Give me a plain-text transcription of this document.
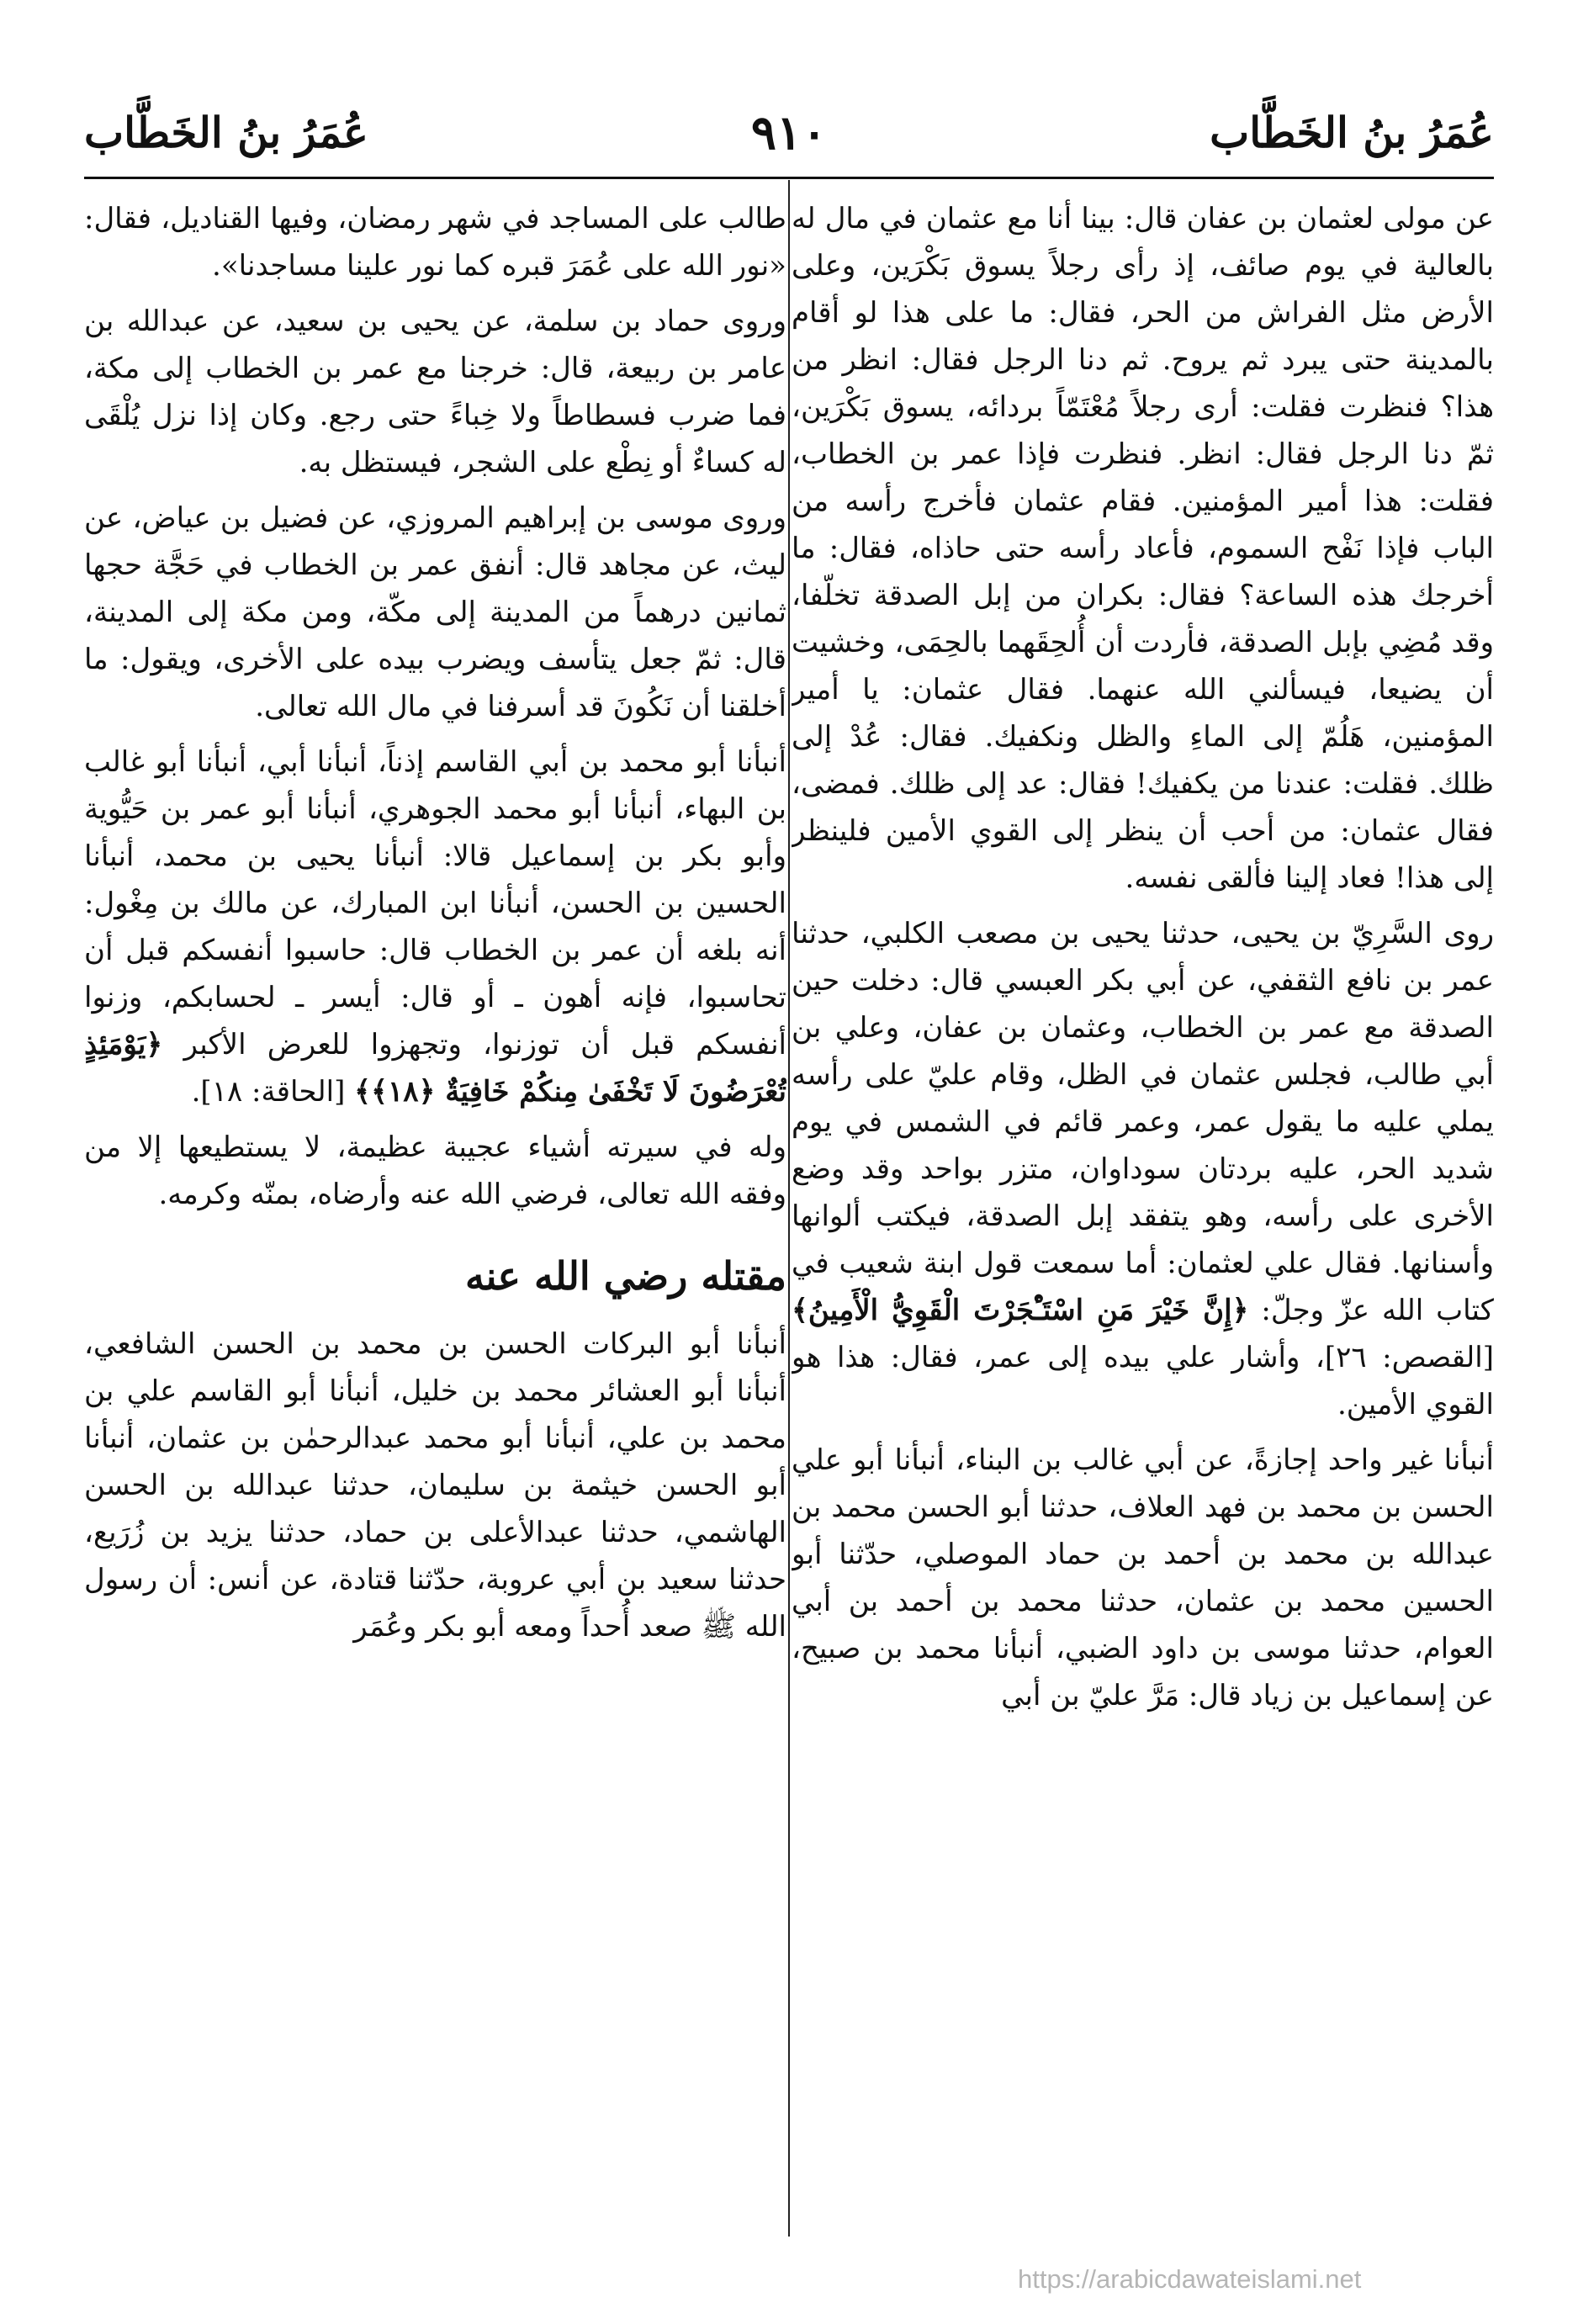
عُمَرُ بنُ الخَطَّاب
٩١٠
عُمَرُ بنُ الخَطَّاب

عن مولى لعثمان بن عفان قال: بينا أنا مع عثمان في مال له بالعالية في يوم صائف، إذ رأى رجلاً يسوق بَكْرَين، وعلى الأرض مثل الفراش من الحر، فقال: ما على هذا لو أقام بالمدينة حتى يبرد ثم يروح. ثم دنا الرجل فقال: انظر من هذا؟ فنظرت فقلت: أرى رجلاً مُعْتَمّاً بردائه، يسوق بَكْرَين، ثمّ دنا الرجل فقال: انظر. فنظرت فإذا عمر بن الخطاب، فقلت: هذا أمير المؤمنين. فقام عثمان فأخرج رأسه من الباب فإذا نَفْح السموم، فأعاد رأسه حتى حاذاه، فقال: ما أخرجك هذه الساعة؟ فقال: بكران من إبل الصدقة تخلّفا، وقد مُضِي بإبل الصدقة، فأردت أن أُلحِقَهما بالحِمَى، وخشيت أن يضيعا، فيسألني الله عنهما. فقال عثمان: يا أمير المؤمنين، هَلُمّ إلى الماءِ والظل ونكفيك. فقال: عُدْ إلى ظلك. فقلت: عندنا من يكفيك! فقال: عد إلى ظلك. فمضى، فقال عثمان: من أحب أن ينظر إلى القوي الأمين فلينظر إلى هذا! فعاد إلينا فألقى نفسه.

روى السَّرِيّ بن يحيى، حدثنا يحيى بن مصعب الكلبي، حدثنا عمر بن نافع الثقفي، عن أبي بكر العبسي قال: دخلت حين الصدقة مع عمر بن الخطاب، وعثمان بن عفان، وعلي بن أبي طالب، فجلس عثمان في الظل، وقام عليّ على رأسه يملي عليه ما يقول عمر، وعمر قائم في الشمس في يوم شديد الحر، عليه بردتان سوداوان، متزر بواحد وقد وضع الأخرى على رأسه، وهو يتفقد إبل الصدقة، فيكتب ألوانها وأسنانها. فقال علي لعثمان: أما سمعت قول ابنة شعيب في كتاب الله عزّ وجلّ: ﴿إِنَّ خَيْرَ مَنِ اسْتَـْٔجَرْتَ الْقَوِيُّ الْأَمِينُ﴾ [القصص: ٢٦]، وأشار علي بيده إلى عمر، فقال: هذا هو القوي الأمين.

أنبأنا غير واحد إجازةً، عن أبي غالب بن البناء، أنبأنا أبو علي الحسن بن محمد بن فهد العلاف، حدثنا أبو الحسن محمد بن عبدالله بن محمد بن أحمد بن حماد الموصلي، حدّثنا أبو الحسين محمد بن عثمان، حدثنا محمد بن أحمد بن أبي العوام، حدثنا موسى بن داود الضبي، أنبأنا محمد بن صبيح، عن إسماعيل بن زياد قال: مَرَّ عليّ بن أبي

طالب على المساجد في شهر رمضان، وفيها القناديل، فقال: «نور الله على عُمَرَ قبره كما نور علينا مساجدنا».

وروى حماد بن سلمة، عن يحيى بن سعيد، عن عبدالله بن عامر بن ربيعة، قال: خرجنا مع عمر بن الخطاب إلى مكة، فما ضرب فسطاطاً ولا خِباءً حتى رجع. وكان إذا نزل يُلْقَى له كساءٌ أو نِطْع على الشجر، فيستظل به.

وروى موسى بن إبراهيم المروزي، عن فضيل بن عياض، عن ليث، عن مجاهد قال: أنفق عمر بن الخطاب في حَجَّة حجها ثمانين درهماً من المدينة إلى مكّة، ومن مكة إلى المدينة، قال: ثمّ جعل يتأسف ويضرب بيده على الأخرى، ويقول: ما أخلقنا أن نَكُونَ قد أسرفنا في مال الله تعالى.

أنبأنا أبو محمد بن أبي القاسم إذناً، أنبأنا أبي، أنبأنا أبو غالب بن البهاء، أنبأنا أبو محمد الجوهري، أنبأنا أبو عمر بن حَيُّوية وأبو بكر بن إسماعيل قالا: أنبأنا يحيى بن محمد، أنبأنا الحسين بن الحسن، أنبأنا ابن المبارك، عن مالك بن مِغْول: أنه بلغه أن عمر بن الخطاب قال: حاسبوا أنفسكم قبل أن تحاسبوا، فإنه أهون ـ أو قال: أيسر ـ لحسابكم، وزنوا أنفسكم قبل أن توزنوا، وتجهزوا للعرض الأكبر ﴿يَوْمَئِذٍ تُعْرَضُونَ لَا تَخْفَىٰ مِنكُمْ خَافِيَةٌ ﴿١٨﴾﴾ [الحاقة: ١٨].

وله في سيرته أشياء عجيبة عظيمة، لا يستطيعها إلا من وفقه الله تعالى، فرضي الله عنه وأرضاه، بمنّه وكرمه.

مقتله رضي الله عنه

أنبأنا أبو البركات الحسن بن محمد بن الحسن الشافعي، أنبأنا أبو العشائر محمد بن خليل، أنبأنا أبو القاسم علي بن محمد بن علي، أنبأنا أبو محمد عبدالرحمٰن بن عثمان، أنبأنا أبو الحسن خيثمة بن سليمان، حدثنا عبدالله بن الحسن الهاشمي، حدثنا عبدالأعلى بن حماد، حدثنا يزيد بن زُرَيع، حدثنا سعيد بن أبي عروبة، حدّثنا قتادة، عن أنس: أن رسول الله ﷺ صعد أُحداً ومعه أبو بكر وعُمَر

https://arabicdawateislami.net
